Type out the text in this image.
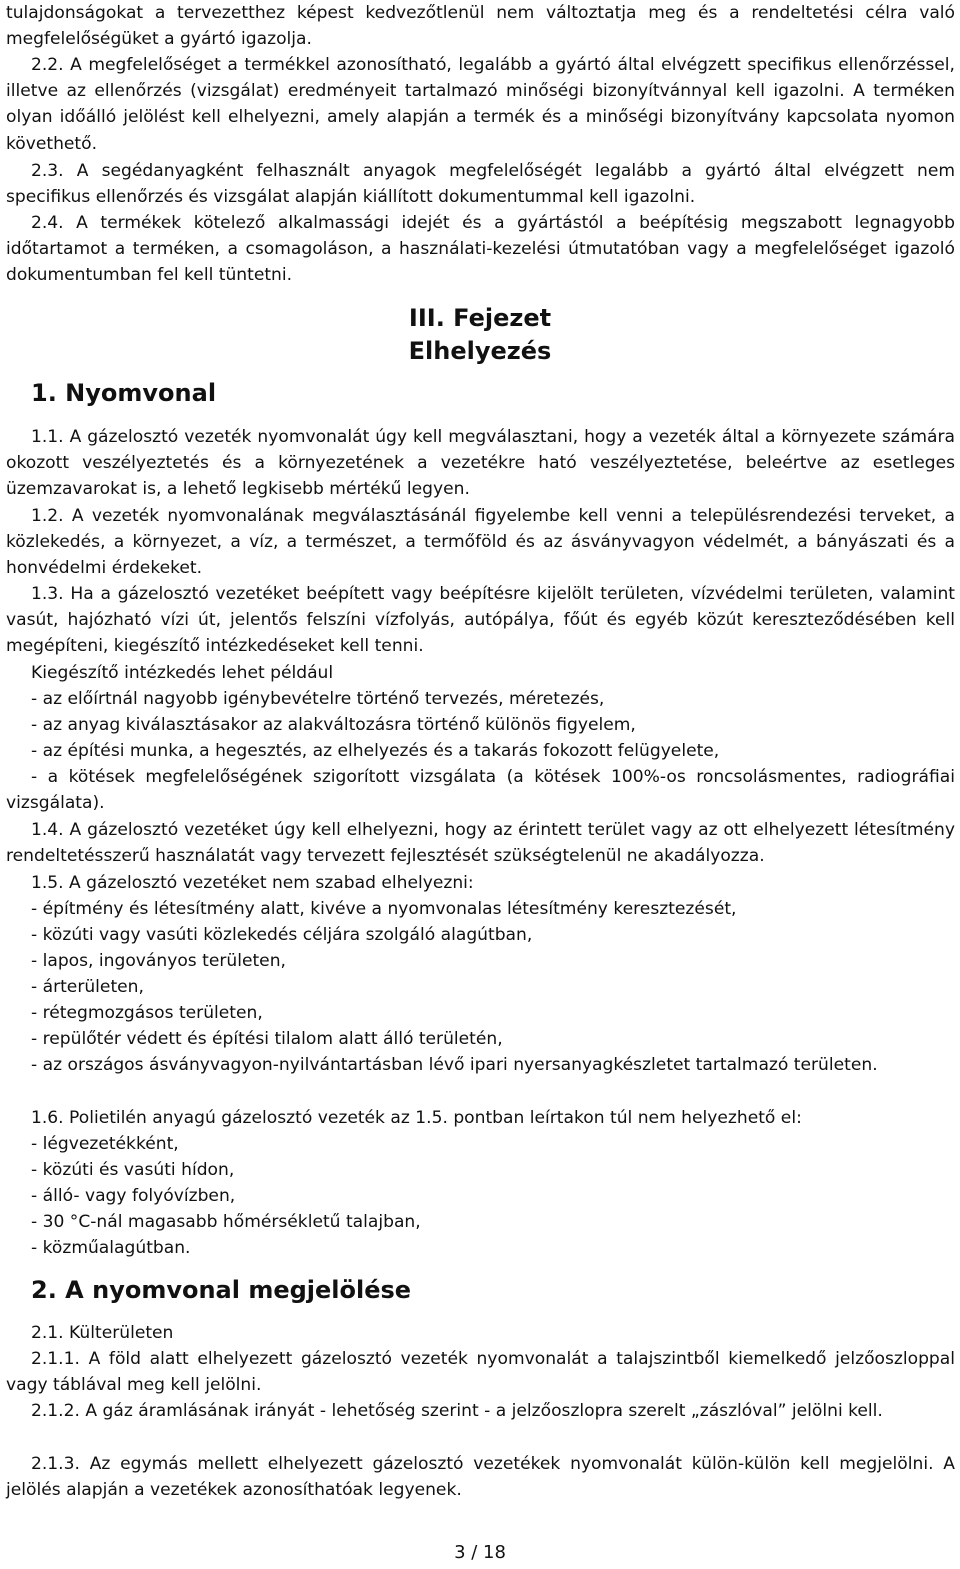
tulajdonságokat a tervezetthez képest kedvezőtlenül nem változtatja meg és a rendeltetési célra való megfelelőségüket a gyártó igazolja.

2.2. A megfelelőséget a termékkel azonosítható, legalább a gyártó által elvégzett specifikus ellenőrzéssel, illetve az ellenőrzés (vizsgálat) eredményeit tartalmazó minőségi bizonyítvánnyal kell igazolni. A terméken olyan időálló jelölést kell elhelyezni, amely alapján a termék és a minőségi bizonyítvány kapcsolata nyomon követhető.

2.3. A segédanyagként felhasznált anyagok megfelelőségét legalább a gyártó által elvégzett nem specifikus ellenőrzés és vizsgálat alapján kiállított dokumentummal kell igazolni.

2.4. A termékek kötelező alkalmassági idejét és a gyártástól a beépítésig megszabott legnagyobb időtartamot a terméken, a csomagoláson, a használati-kezelési útmutatóban vagy a megfelelőséget igazoló dokumentumban fel kell tüntetni.

III. Fejezet
Elhelyezés
1. Nyomvonal

1.1. A gázelosztó vezeték nyomvonalát úgy kell megválasztani, hogy a vezeték által a környezete számára okozott veszélyeztetés és a környezetének a vezetékre ható veszélyeztetése, beleértve az esetleges üzemzavarokat is, a lehető legkisebb mértékű legyen.

1.2. A vezeték nyomvonalának megválasztásánál figyelembe kell venni a településrendezési terveket, a közlekedés, a környezet, a víz, a természet, a termőföld és az ásványvagyon védelmét, a bányászati és a honvédelmi érdekeket.

1.3. Ha a gázelosztó vezetéket beépített vagy beépítésre kijelölt területen, vízvédelmi területen, valamint vasút, hajózható vízi út, jelentős felszíni vízfolyás, autópálya, főút és egyéb közút kereszteződésében kell megépíteni, kiegészítő intézkedéseket kell tenni.

Kiegészítő intézkedés lehet például

- az előírtnál nagyobb igénybevételre történő tervezés, méretezés,

- az anyag kiválasztásakor az alakváltozásra történő különös figyelem,

- az építési munka, a hegesztés, az elhelyezés és a takarás fokozott felügyelete,

- a kötések megfelelőségének szigorított vizsgálata (a kötések 100%-os roncsolásmentes, radiográfiai vizsgálata).

1.4. A gázelosztó vezetéket úgy kell elhelyezni, hogy az érintett terület vagy az ott elhelyezett létesítmény rendeltetésszerű használatát vagy tervezett fejlesztését szükségtelenül ne akadályozza.

1.5. A gázelosztó vezetéket nem szabad elhelyezni:

- építmény és létesítmény alatt, kivéve a nyomvonalas létesítmény keresztezését,

- közúti vagy vasúti közlekedés céljára szolgáló alagútban,

- lapos, ingoványos területen,

- árterületen,

- rétegmozgásos területen,

- repülőtér védett és építési tilalom alatt álló területén,

- az országos ásványvagyon-nyilvántartásban lévő ipari nyersanyagkészletet tartalmazó területen.

1.6. Polietilén anyagú gázelosztó vezeték az 1.5. pontban leírtakon túl nem helyezhető el:

- légvezetékként,

- közúti és vasúti hídon,

- álló- vagy folyóvízben,

- 30 °C-nál magasabb hőmérsékletű talajban,

- közműalagútban.

2. A nyomvonal megjelölése

2.1. Külterületen

2.1.1. A föld alatt elhelyezett gázelosztó vezeték nyomvonalát a talajszintből kiemelkedő jelzőoszloppal vagy táblával meg kell jelölni.

2.1.2. A gáz áramlásának irányát - lehetőség szerint - a jelzőoszlopra szerelt „zászlóval” jelölni kell.

2.1.3. Az egymás mellett elhelyezett gázelosztó vezetékek nyomvonalát külön-külön kell megjelölni. A jelölés alapján a vezetékek azonosíthatóak legyenek.

3 / 18
